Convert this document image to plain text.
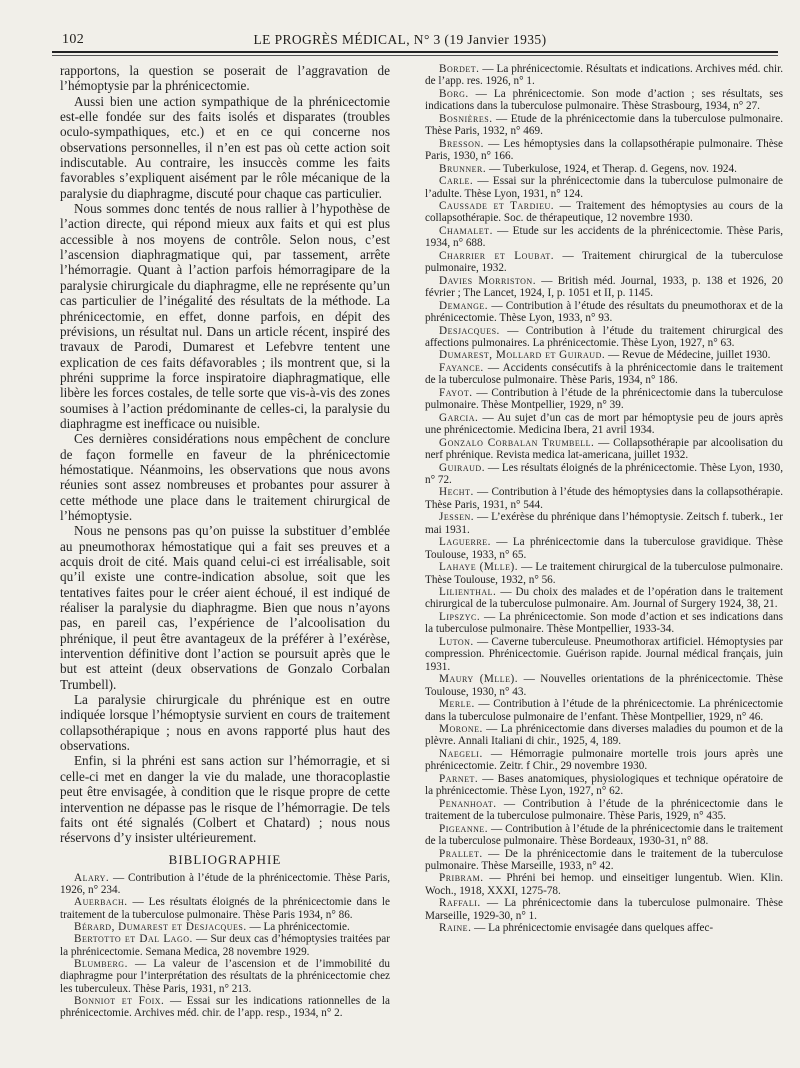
102	LE PROGRÈS MÉDICAL, N° 3 (19 Janvier 1935)

rapportons, la question se poserait de l’aggravation de l’hémoptysie par la phrénicectomie.

Aussi bien une action sympathique de la phrénicectomie est-elle fondée sur des faits isolés et disparates (troubles oculo-sympathiques, etc.) et en ce qui concerne nos observations personnelles, il n’en est pas où cette action soit indiscutable. Au contraire, les insuccès comme les faits favorables s’expliquent aisément par le rôle mécanique de la paralysie du diaphragme, discuté pour chaque cas particulier.

Nous sommes donc tentés de nous rallier à l’hypothèse de l’action directe, qui répond mieux aux faits et qui est plus accessible à nos moyens de contrôle. Selon nous, c’est l’ascension diaphragmatique qui, par tassement, arrête l’hémorragie. Quant à l’action parfois hémorragipare de la paralysie chirurgicale du diaphragme, elle ne représente qu’un cas particulier de l’inégalité des résultats de la méthode. La phrénicectomie, en effet, donne parfois, en dépit des prévisions, un résultat nul. Dans un article récent, inspiré des travaux de Parodi, Dumarest et Lefebvre tentent une explication de ces faits défavorables ; ils montrent que, si la phréni supprime la force inspiratoire diaphragmatique, elle libère les forces costales, de telle sorte que vis-à-vis des zones soumises à l’action prédominante de celles-ci, la paralysie du diaphragme est inefficace ou nuisible.

Ces dernières considérations nous empêchent de conclure de façon formelle en faveur de la phrénicectomie hémostatique. Néanmoins, les observations que nous avons réunies sont assez nombreuses et probantes pour assurer à cette méthode une place dans le traitement chirurgical de l’hémoptysie.

Nous ne pensons pas qu’on puisse la substituer d’emblée au pneumothorax hémostatique qui a fait ses preuves et a acquis droit de cité. Mais quand celui-ci est irréalisable, soit qu’il existe une contre-indication absolue, soit que les tentatives faites pour le créer aient échoué, il est indiqué de réaliser la paralysie du diaphragme. Bien que nous n’ayons pas, en pareil cas, l’expérience de l’alcoolisation du phrénique, il peut être avantageux de la préférer à l’exérèse, intervention définitive dont l’action se poursuit après que le but est atteint (deux observations de Gonzalo Corbalan Trumbell).

La paralysie chirurgicale du phrénique est en outre indiquée lorsque l’hémoptysie survient en cours de traitement collapsothérapique ; nous en avons rapporté plus haut des observations.

Enfin, si la phréni est sans action sur l’hémorragie, et si celle-ci met en danger la vie du malade, une thoracoplastie peut être envisagée, à condition que le risque propre de cette intervention ne dépasse pas le risque de l’hémorragie. De tels faits ont été signalés (Colbert et Chatard) ; nous nous réservons d’y insister ultérieurement.

BIBLIOGRAPHIE

Alary. — Contribution à l’étude de la phrénicectomie. Thèse Paris, 1926, n° 234.

Auerbach. — Les résultats éloignés de la phrénicectomie dans le traitement de la tuberculose pulmonaire. Thèse Paris 1934, n° 86.

Bérard, Dumarest et Desjacques. — La phrénicectomie.

Bertotto et Dal Lago. — Sur deux cas d’hémoptysies traitées par la phrénicectomie. Semana Medica, 28 novembre 1929.

Blumberg. — La valeur de l’ascension et de l’immobilité du diaphragme pour l’interprétation des résultats de la phrénicectomie chez les tuberculeux. Thèse Paris, 1931, n° 213.

Bonniot et Foix. — Essai sur les indications rationnelles de la phrénicectomie. Archives méd. chir. de l’app. resp., 1934, n° 2.

Bordet. — La phrénicectomie. Résultats et indications. Archives méd. chir. de l’app. res. 1926, n° 1.

Borg. — La phrénicectomie. Son mode d’action ; ses résultats, ses indications dans la tuberculose pulmonaire. Thèse Strasbourg, 1934, n° 27.

Bosnières. — Etude de la phrénicectomie dans la tuberculose pulmonaire. Thèse Paris, 1932, n° 469.

Bresson. — Les hémoptysies dans la collapsothérapie pulmonaire. Thèse Paris, 1930, n° 166.

Brunner. — Tuberkulose, 1924, et Therap. d. Gegens, nov. 1924.

Carle. — Essai sur la phrénicectomie dans la tuberculose pulmonaire de l’adulte. Thèse Lyon, 1931, n° 124.

Caussade et Tardieu. — Traitement des hémoptysies au cours de la collapsothérapie. Soc. de thérapeutique, 12 novembre 1930.

Chamalet. — Etude sur les accidents de la phrénicectomie. Thèse Paris, 1934, n° 688.

Charrier et Loubat. — Traitement chirurgical de la tuberculose pulmonaire, 1932.

Davies Morriston. — British méd. Journal, 1933, p. 138 et 1926, 20 février ; The Lancet, 1924, I, p. 1051 et II, p. 1145.

Demange. — Contribution à l’étude des résultats du pneumothorax et de la phrénicectomie. Thèse Lyon, 1933, n° 93.

Desjacques. — Contribution à l’étude du traitement chirurgical des affections pulmonaires. La phrénicectomie. Thèse Lyon, 1927, n° 63.

Dumarest, Mollard et Guiraud. — Revue de Médecine, juillet 1930.

Fayance. — Accidents consécutifs à la phrénicectomie dans le traitement de la tuberculose pulmonaire. Thèse Paris, 1934, n° 186.

Fayot. — Contribution à l’étude de la phrénicectomie dans la tuberculose pulmonaire. Thèse Montpellier, 1929, n° 39.

Garcia. — Au sujet d’un cas de mort par hémoptysie peu de jours après une phrénicectomie. Medicina Ibera, 21 avril 1934.

Gonzalo Corbalan Trumbell. — Collapsothérapie par alcoolisation du nerf phrénique. Revista medica lat-americana, juillet 1932.

Guiraud. — Les résultats éloignés de la phrénicectomie. Thèse Lyon, 1930, n° 72.

Hecht. — Contribution à l’étude des hémoptysies dans la collapsothérapie. Thèse Paris, 1931, n° 544.

Jessen. — L’exérèse du phrénique dans l’hémoptysie. Zeitsch f. tuberk., 1er mai 1931.

Laguerre. — La phrénicectomie dans la tuberculose gravidique. Thèse Toulouse, 1933, n° 65.

Lahaye (Mlle). — Le traitement chirurgical de la tuberculose pulmonaire. Thèse Toulouse, 1932, n° 56.

Lilienthal. — Du choix des malades et de l’opération dans le traitement chirurgical de la tuberculose pulmonaire. Am. Journal of Surgery 1924, 38, 21.

Lipszyc. — La phrénicectomie. Son mode d’action et ses indications dans la tuberculose pulmonaire. Thèse Montpellier, 1933-34.

Luton. — Caverne tuberculeuse. Pneumothorax artificiel. Hémoptysies par compression. Phrénicectomie. Guérison rapide. Journal médical français, juin 1931.

Maury (Mlle). — Nouvelles orientations de la phrénicectomie. Thèse Toulouse, 1930, n° 43.

Merle. — Contribution à l’étude de la phrénicectomie. La phrénicectomie dans la tuberculose pulmonaire de l’enfant. Thèse Montpellier, 1929, n° 46.

Morone. — La phrénicectomie dans diverses maladies du poumon et de la plèvre. Annali Italiani di chir., 1925, 4, 189.

Naegeli. — Hémorragie pulmonaire mortelle trois jours après une phrénicectomie. Zeitr. f Chir., 29 novembre 1930.

Parnet. — Bases anatomiques, physiologiques et technique opératoire de la phrénicectomie. Thèse Lyon, 1927, n° 62.

Penanhoat. — Contribution à l’étude de la phrénicectomie dans le traitement de la tuberculose pulmonaire. Thèse Paris, 1929, n° 435.

Pigeanne. — Contribution à l’étude de la phrénicectomie dans le traitement de la tuberculose pulmonaire. Thèse Bordeaux, 1930-31, n° 88.

Prallet. — De la phrénicectomie dans le traitement de la tuberculose pulmonaire. Thèse Marseille, 1933, n° 42.

Pribram. — Phréni bei hemop. und einseitiger lungentub. Wien. Klin. Woch., 1918, XXXI, 1275-78.

Raffali. — La phrénicectomie dans la tuberculose pulmonaire. Thèse Marseille, 1929-30, n° 1.

Raine. — La phrénicectomie envisagée dans quelques affec-
